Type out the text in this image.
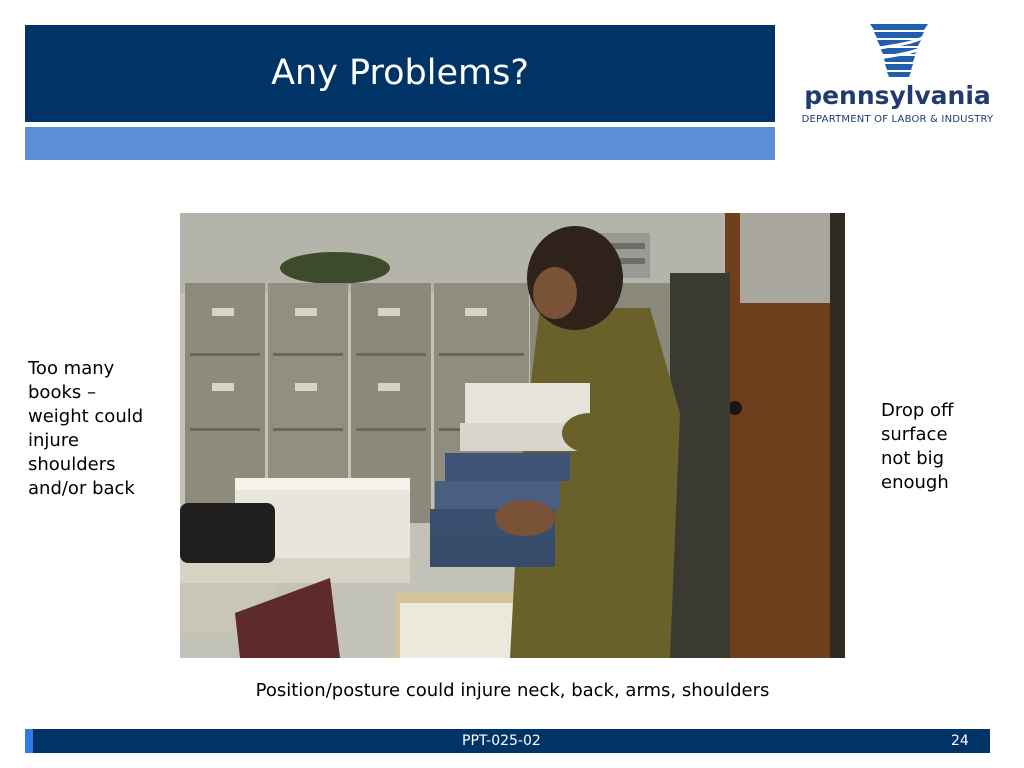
Any Problems?
pennsylvania
DEPARTMENT OF LABOR & INDUSTRY

Too many
books –
weight could
injure
shoulders
and/or back

Drop off
surface
not big
enough

Position/posture could injure neck, back, arms, shoulders
PPT-025-02	24
